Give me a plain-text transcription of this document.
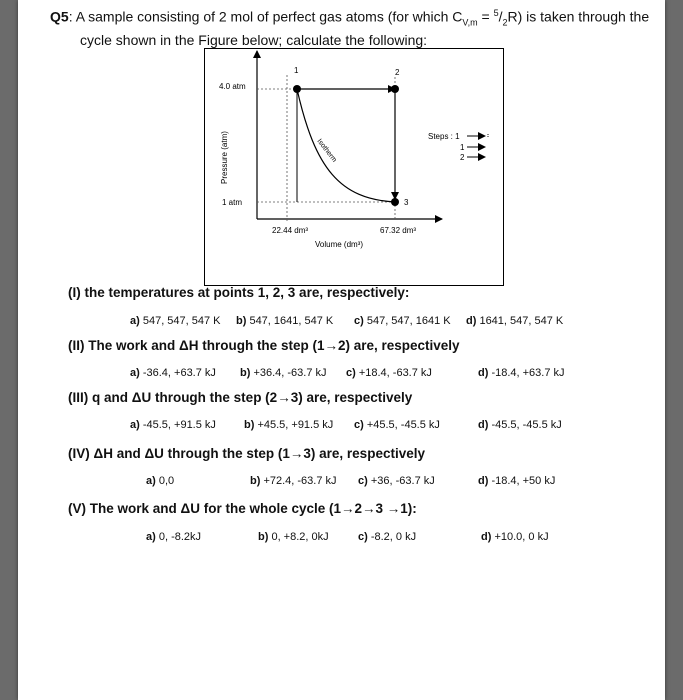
Q5: A sample consisting of 2 mol of perfect gas atoms (for which $C_{V,m} = ^5/_2R$) is taken through the
cycle shown in the Figure below; calculate the following:
1	2
3
4.0 atm
1 atm
22.44 dm³	67.32 dm³
Volume (dm³)
Pressure (atm)	Isotherm
Steps : 1
1
2
(I) the temperatures at points 1, 2, 3 are, respectively:
a) 547, 547, 547 K b) 547, 1641, 547 K c) 547, 547, 1641 K d) 1641, 547, 547 K
(II) The work and ΔH through the step (1→2) are, respectively
a) -36.4, +63.7 kJ b) +36.4, -63.7 kJ c) +18.4, -63.7 kJ	d) -18.4, +63.7 kJ
(III) q and ΔU through the step (2→3) are, respectively
a) -45.5, +91.5 kJ	b) +45.5, +91.5 kJ c) +45.5, -45.5 kJ	d) -45.5, -45.5 kJ
(IV) ΔH and ΔU through the step (1→3) are, respectively
a) 0,0	b) +72.4, -63.7 kJ c) +36, -63.7 kJ	d) -18.4, +50 kJ
(V) The work and ΔU for the whole cycle (1→2→3 →1):
a) 0, -8.2kJ	b) 0, +8.2, 0kJ	c) -8.2, 0 kJ	d) +10.0, 0 kJ
